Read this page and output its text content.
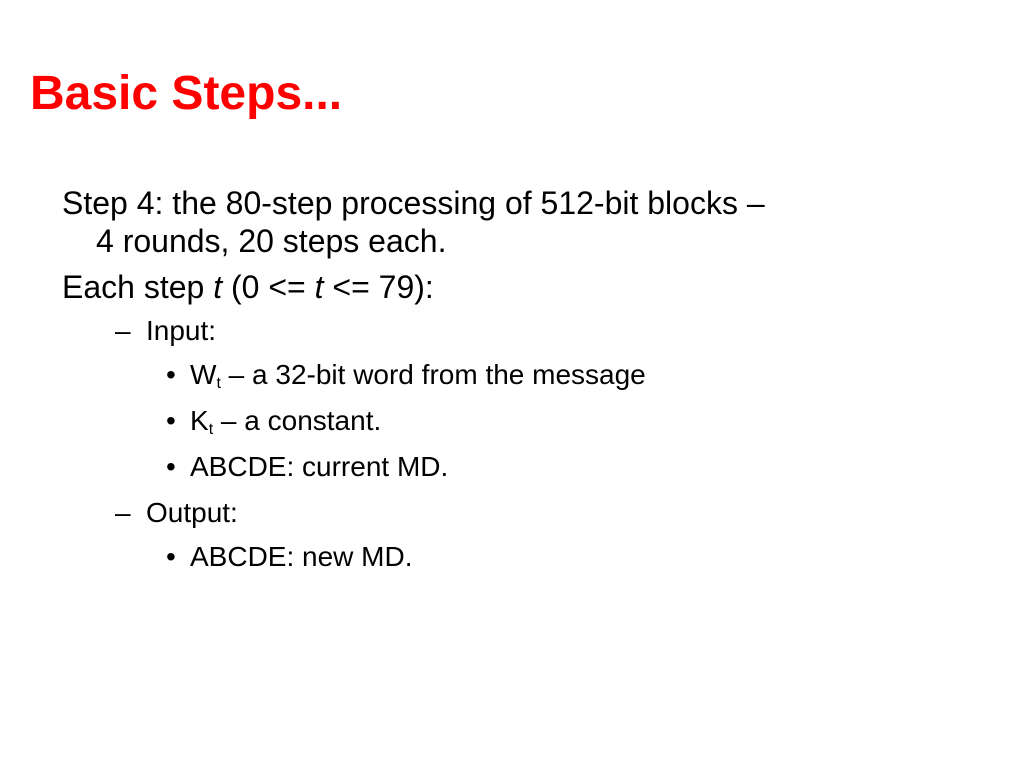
Basic Steps...
Step 4: the 80-step processing of 512-bit blocks –
4 rounds, 20 steps each.
Each step t (0 <= t <= 79):
– Input:
• $W_t$ – a 32-bit word from the message
• $K_t$ – a constant.
• ABCDE: current MD.
– Output:
• ABCDE: new MD.
